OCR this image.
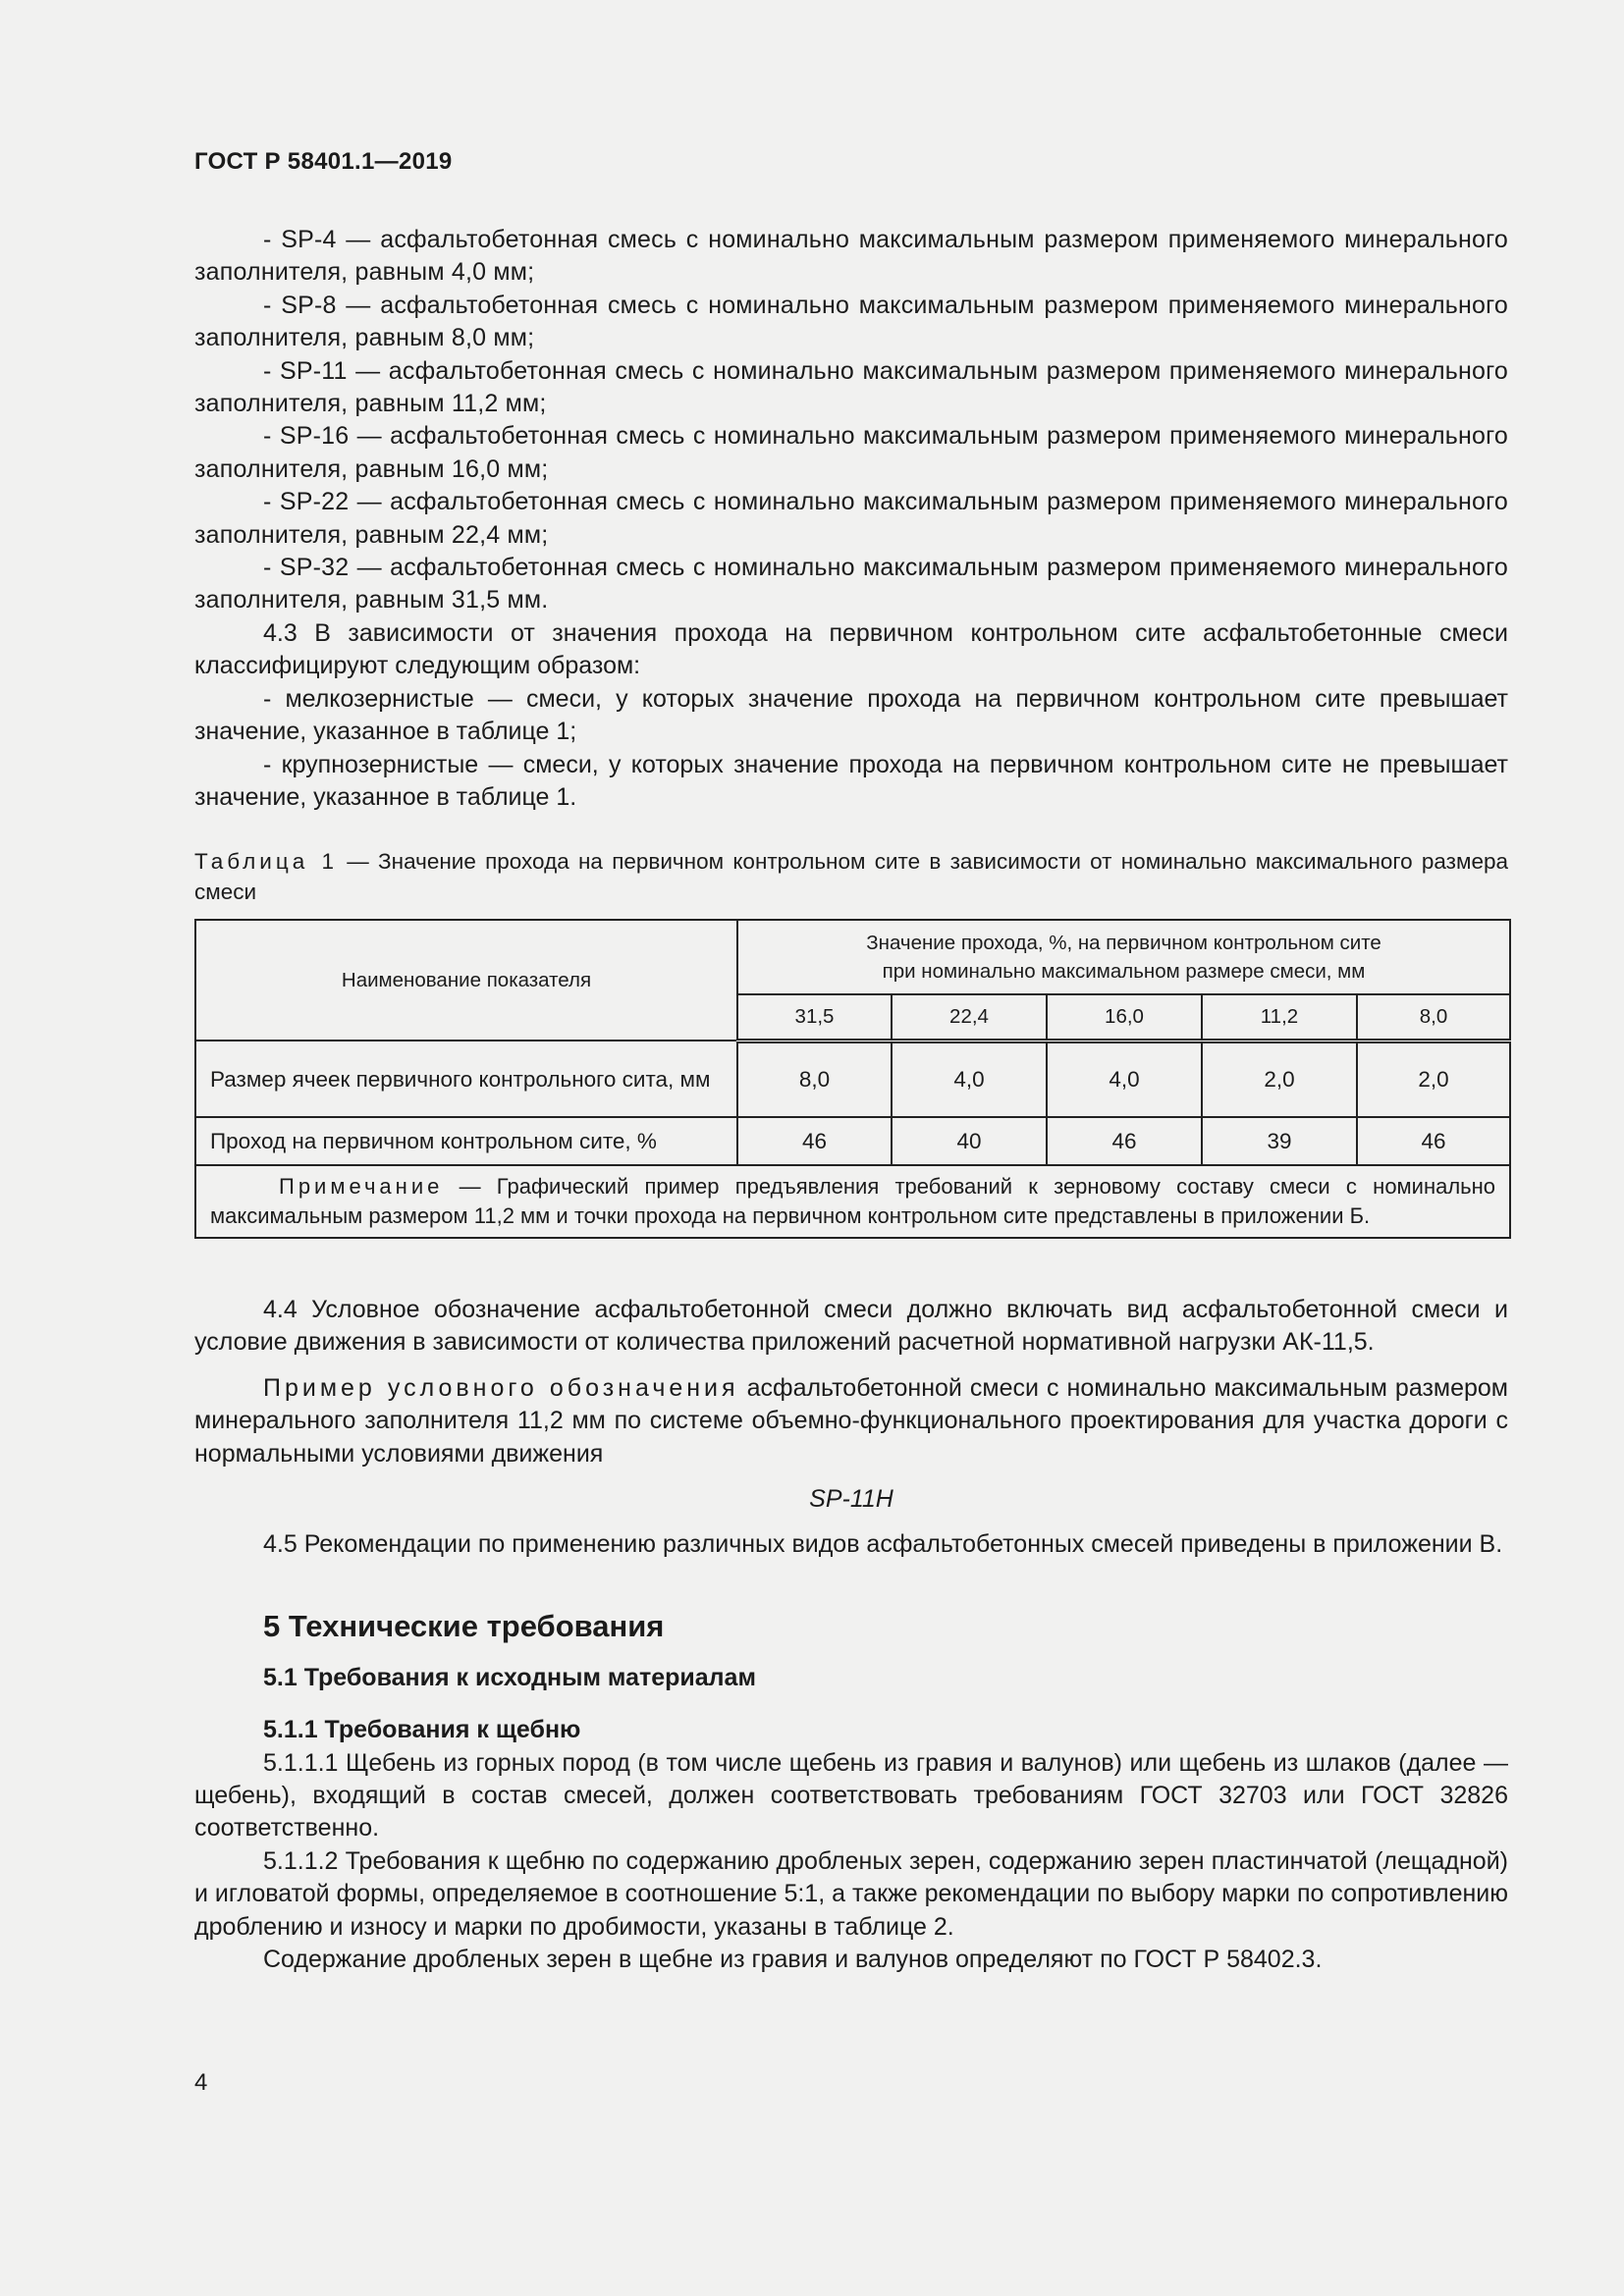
ГОСТ Р 58401.1—2019

- SP-4 — асфальтобетонная смесь с номинально максимальным размером применяемого минерального заполнителя, равным 4,0 мм;

- SP-8 — асфальтобетонная смесь с номинально максимальным размером применяемого минерального заполнителя, равным 8,0 мм;

- SP-11 — асфальтобетонная смесь с номинально максимальным размером применяемого минерального заполнителя, равным 11,2 мм;

- SP-16 — асфальтобетонная смесь с номинально максимальным размером применяемого минерального заполнителя, равным 16,0 мм;

- SP-22 — асфальтобетонная смесь с номинально максимальным размером применяемого минерального заполнителя, равным 22,4 мм;

- SP-32 — асфальтобетонная смесь с номинально максимальным размером применяемого минерального заполнителя, равным 31,5 мм.

4.3 В зависимости от значения прохода на первичном контрольном сите асфальтобетонные смеси классифицируют следующим образом:

- мелкозернистые — смеси, у которых значение прохода на первичном контрольном сите превышает значение, указанное в таблице 1;

- крупнозернистые — смеси, у которых значение прохода на первичном контрольном сите не превышает значение, указанное в таблице 1.

Таблица 1 — Значение прохода на первичном контрольном сите в зависимости от номинально максимального размера смеси
Наименование показателя	Значение прохода, %, на первичном контрольном сите
при номинально максимальном размере смеси, мм				
	31,5	22,4	16,0	11,2	8,0
Размер ячеек первичного контрольного сита, мм	8,0	4,0	4,0	2,0	2,0
Проход на первичном контрольном сите, %	46	40	46	39	46
Примечание — Графический пример предъявления требований к зерновому составу смеси с номинально максимальным размером 11,2 мм и точки прохода на первичном контрольном сите представлены в приложении Б.					

4.4 Условное обозначение асфальтобетонной смеси должно включать вид асфальтобетонной смеси и условие движения в зависимости от количества приложений расчетной нормативной нагрузки АК-11,5.

Пример условного обозначения асфальтобетонной смеси с номинально максимальным размером минерального заполнителя 11,2 мм по системе объемно-функционального проектирования для участка дороги с нормальными условиями движения

SP-11H

4.5 Рекомендации по применению различных видов асфальтобетонных смесей приведены в приложении В.

5 Технические требования
5.1 Требования к исходным материалам
5.1.1 Требования к щебню

5.1.1.1 Щебень из горных пород (в том числе щебень из гравия и валунов) или щебень из шлаков (далее — щебень), входящий в состав смесей, должен соответствовать требованиям ГОСТ 32703 или ГОСТ 32826 соответственно.

5.1.1.2 Требования к щебню по содержанию дробленых зерен, содержанию зерен пластинчатой (лещадной) и игловатой формы, определяемое в соотношение 5:1, а также рекомендации по выбору марки по сопротивлению дроблению и износу и марки по дробимости, указаны в таблице 2.

Содержание дробленых зерен в щебне из гравия и валунов определяют по ГОСТ Р 58402.3.

4
